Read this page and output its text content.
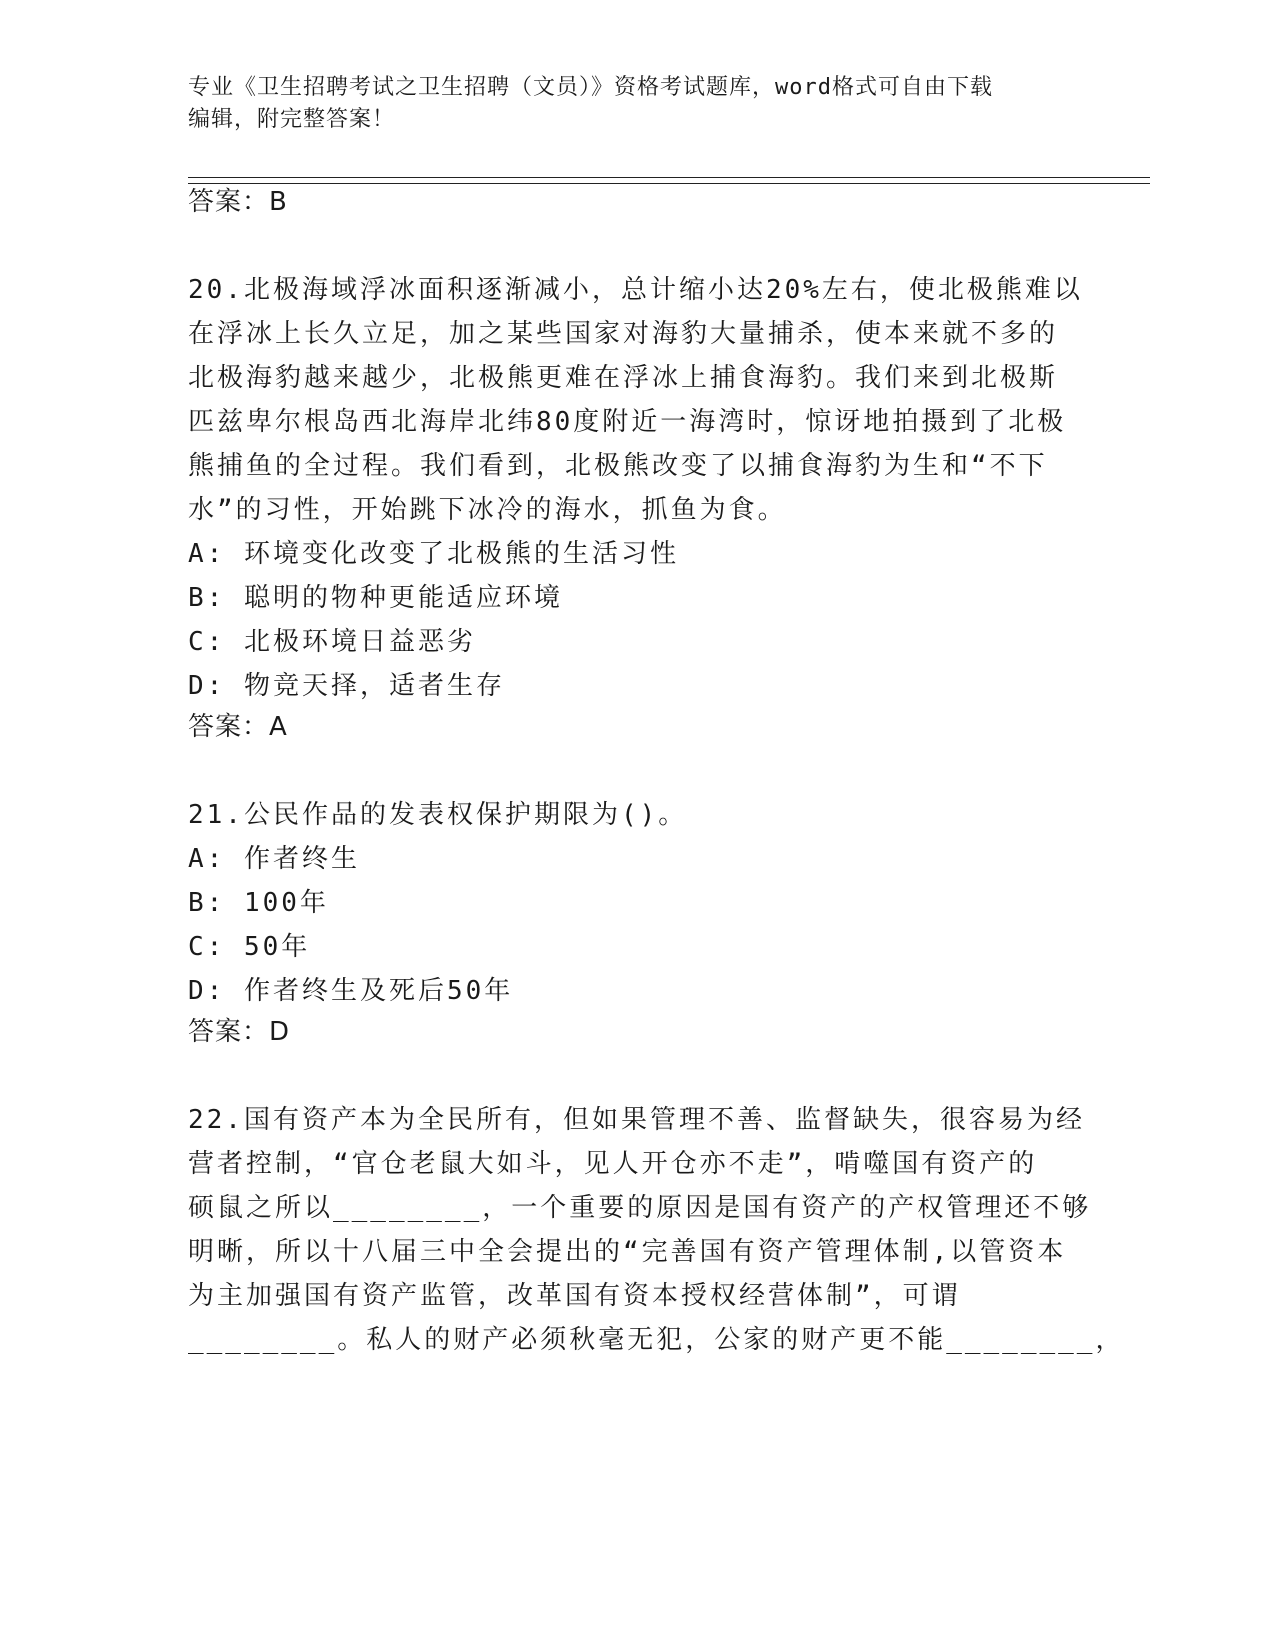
专业《卫生招聘考试之卫生招聘（文员）》资格考试题库，word格式可自由下载
编辑，附完整答案！
答案：B
20.北极海域浮冰面积逐渐减小，总计缩小达20%左右，使北极熊难以
在浮冰上长久立足，加之某些国家对海豹大量捕杀，使本来就不多的
北极海豹越来越少，北极熊更难在浮冰上捕食海豹。我们来到北极斯
匹兹卑尔根岛西北海岸北纬80度附近一海湾时，惊讶地拍摄到了北极
熊捕鱼的全过程。我们看到，北极熊改变了以捕食海豹为生和“不下
水”的习性，开始跳下冰冷的海水，抓鱼为食。
A: 环境变化改变了北极熊的生活习性
B: 聪明的物种更能适应环境
C: 北极环境日益恶劣
D: 物竞天择，适者生存
答案：A
21.公民作品的发表权保护期限为()。
A: 作者终生
B: 100年
C: 50年
D: 作者终生及死后50年
答案：D
22.国有资产本为全民所有，但如果管理不善、监督缺失，很容易为经
营者控制，“官仓老鼠大如斗，见人开仓亦不走”，啃噬国有资产的
硕鼠之所以________，一个重要的原因是国有资产的产权管理还不够
明晰，所以十八届三中全会提出的“完善国有资产管理体制,以管资本
为主加强国有资产监管，改革国有资本授权经营体制”，可谓
________。私人的财产必须秋毫无犯，公家的财产更不能________，
